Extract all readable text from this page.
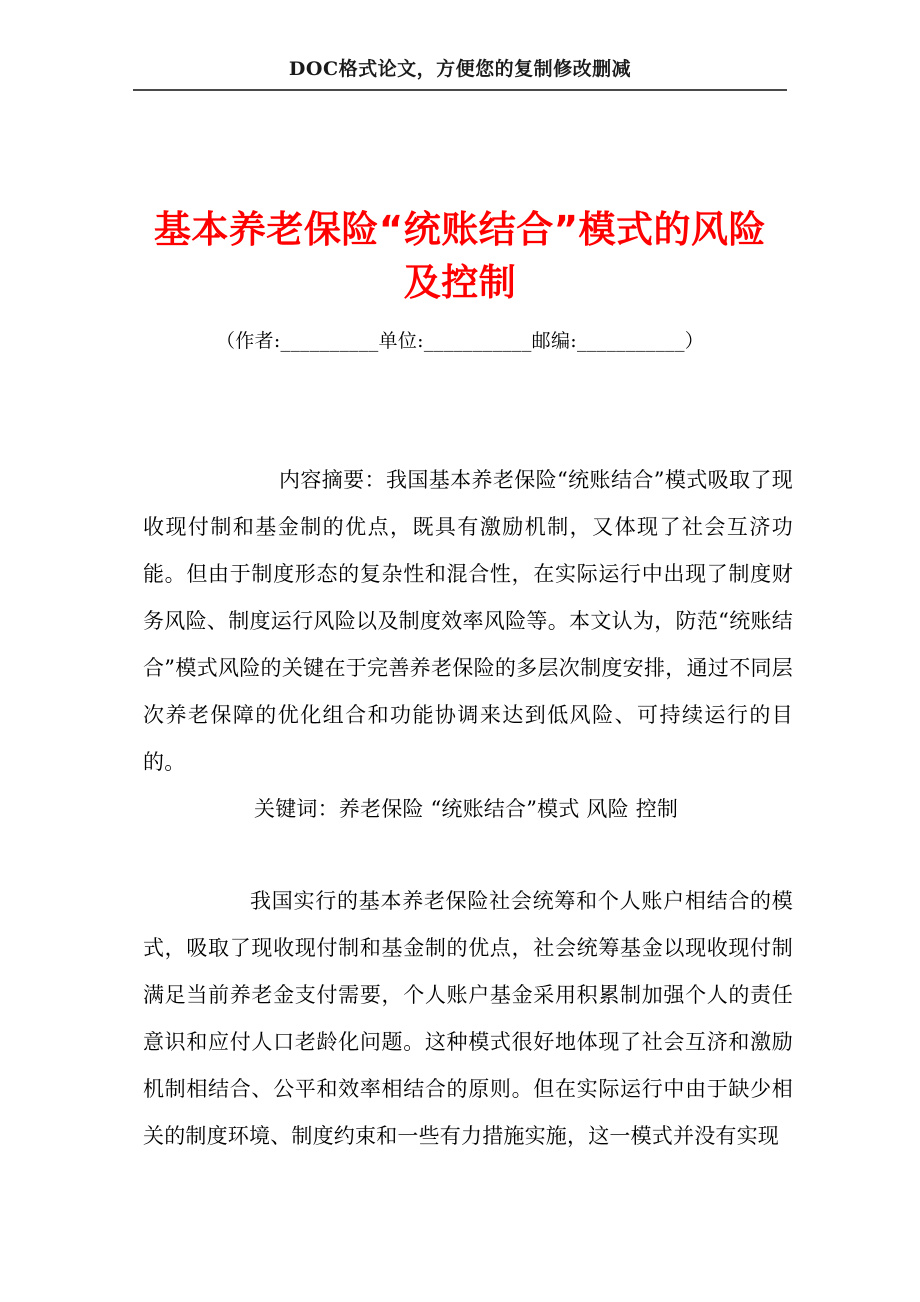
DOC格式论文，方便您的复制修改删减
基本养老保险“统账结合”模式的风险
及控制
（作者:__________单位:___________邮编:___________）

内容摘要：我国基本养老保险“统账结合”模式吸取了现收现付制和基金制的优点，既具有激励机制，又体现了社会互济功能。但由于制度形态的复杂性和混合性，在实际运行中出现了制度财务风险、制度运行风险以及制度效率风险等。本文认为，防范“统账结合”模式风险的关键在于完善养老保险的多层次制度安排，通过不同层次养老保障的优化组合和功能协调来达到低风险、可持续运行的目的。

关键词：养老保险 “统账结合”模式 风险 控制

我国实行的基本养老保险社会统筹和个人账户相结合的模式，吸取了现收现付制和基金制的优点，社会统筹基金以现收现付制满足当前养老金支付需要，个人账户基金采用积累制加强个人的责任意识和应付人口老龄化问题。这种模式很好地体现了社会互济和激励机制相结合、公平和效率相结合的原则。但在实际运行中由于缺少相关的制度环境、制度约束和一些有力措施实施，这一模式并没有实现
